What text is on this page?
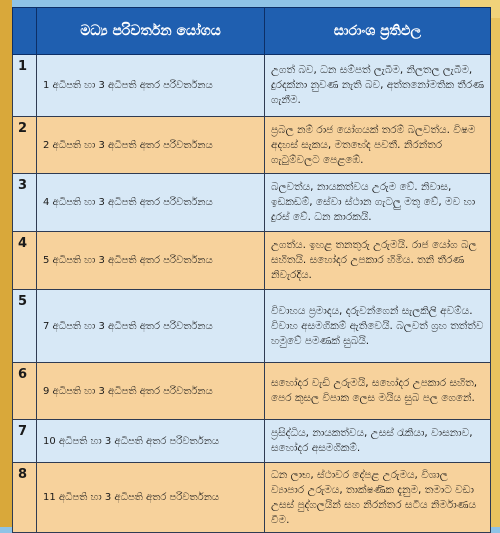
	මධ්‍ය පරිවර්තන යෝගය	සාරාංශ ප්‍රතිඵල
1	1 අධිපති හා 3 අධිපති අතර පරිවර්තනය	උගත් බව, ධන සම්පත් ලැබීම, නිලතල ලැබීම, දුරදක්නා නුවණ නැති බව, අත්තනෝමතික තීරණ ගැනීම.
2	2 අධිපති හා 3 අධිපති අතර පරිවර්තනය	ප්‍රබල නම් රාජ යෝගයක් තරම් බලවත්ය. විෂම අදහස් සැකය, මතභේද පවතී. නිරන්තර ගැටුම්වලට පෙළඹේ.
3	4 අධිපති හා 3 අධිපති අතර පරිවර්තනය	බලවත්ය, නායකත්වය උරුම වේ. නිවාස, ඉඩකඩම්, සේවා ස්ථාන ගැටලු මතු වේ, මව හා දුරස් වේ. ධන කාරකයි.
4	5 අධිපති හා 3 අධිපති අතර පරිවර්තනය	උගත්ය. ඉහළ තනතුරු උරුමයි. රාජ යෝග බල සහිතයි. සහෝදර උපකාර හිමිය. තනි තීරණ නිවැරදිය.
5	7 අධිපති හා 3 අධිපති අතර පරිවර්තනය	විවාහය ප්‍රමාදය, දරුවන්ගෙන් සැලකිලි අවම්ය. විවාහ අසමගිකම් ඇතිවෙයි. බලවත් ග්‍රහ තත්ත්ව හමුවේ පමණක් සුබයි.
6	9 අධිපති හා 3 අධිපති අතර පරිවර්තනය	සහෝදර වැඩි උරුමයි, සහෝදර උපකාර සහිත, පෙර කුසල විපාක ලෙස මයිය සුබ පල ගෙනේ.
7	10 අධිපති හා 3 අධිපති අතර පරිවර්තනය	ප්‍රසිද්ධිය, නායකත්වය, උසස් රැකියා, වාසනාව, සහෝදර අසමගිකම්.
8	11 අධිපති හා 3 අධිපති අතර පරිවර්තනය	ධන ලාභ, ස්ථාවර දේපළ උරුමය, විශාල ව්‍යාපාර උරුමය, තාක්ෂණික දැනුම, තමාට වඩා උසස් පුද්ගලයින් සහ නිරන්තර සටීය නිර්මාණය වීම.
